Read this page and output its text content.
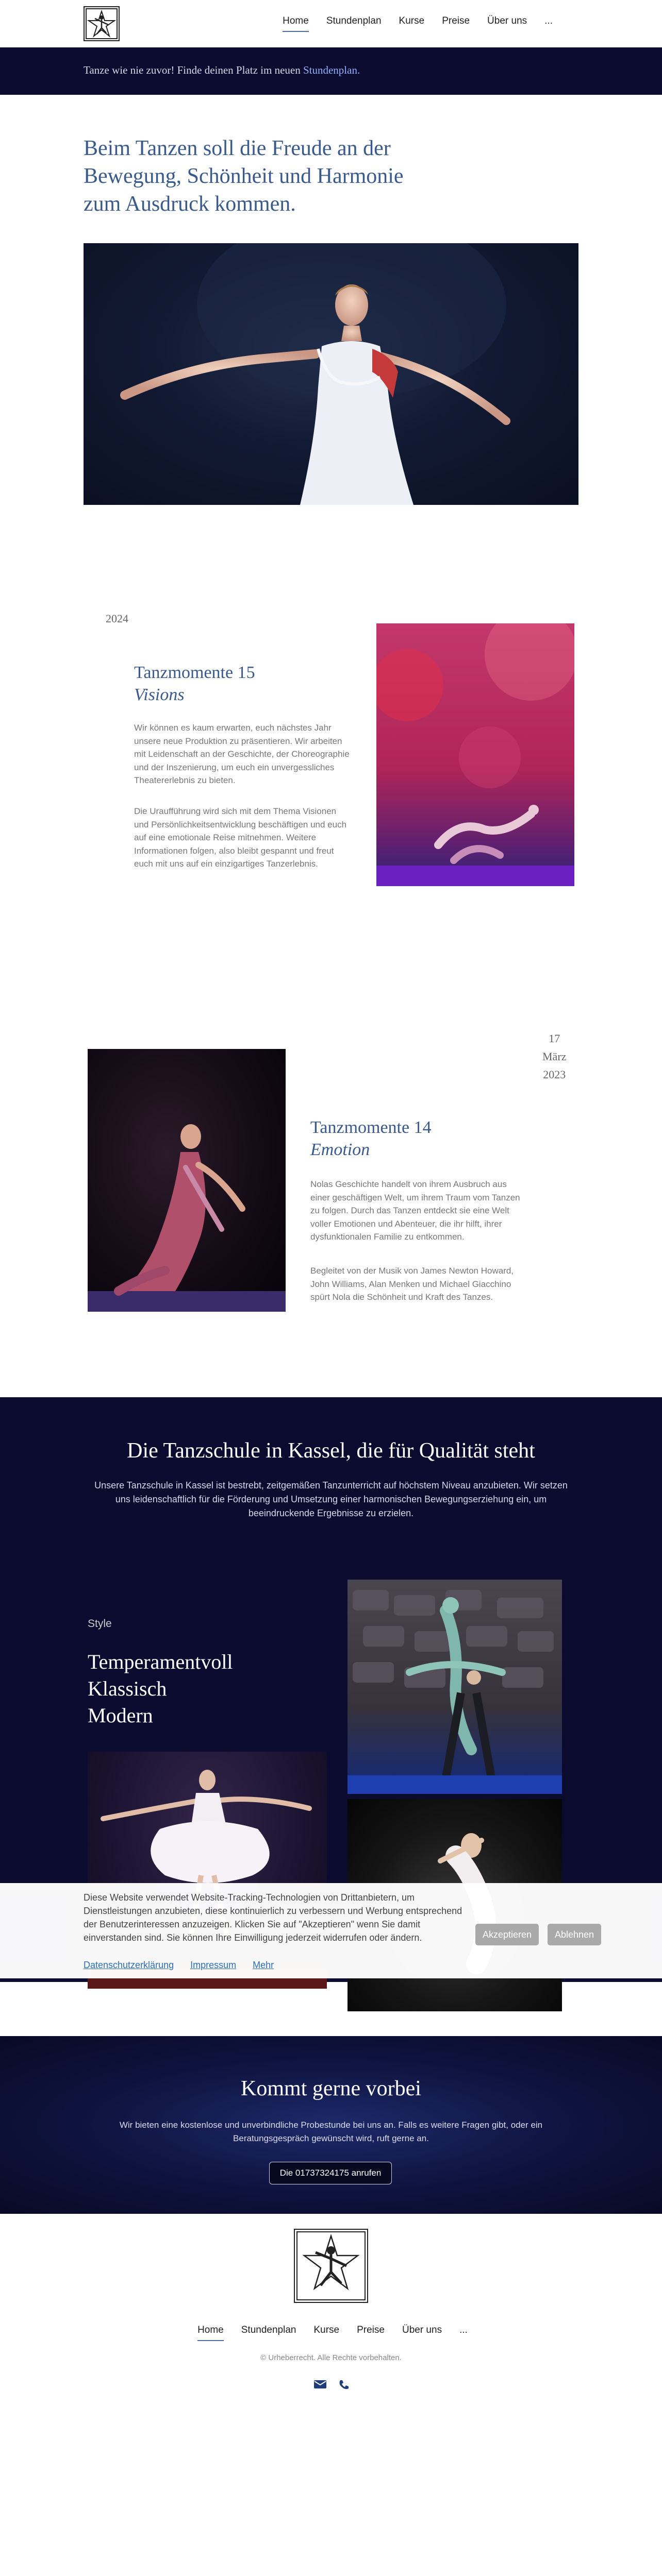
Home Stundenplan Kurse Preise Über uns ...

Tanze wie nie zuvor! Finde deinen Platz im neuen Stundenplan.

Beim Tanzen soll die Freude an der Bewegung, Schönheit und Harmonie zum Ausdruck kommen.
2024
Tanzmomente 15
Visions

Wir können es kaum erwarten, euch nächstes Jahr unsere neue Produktion zu präsentieren. Wir arbeiten mit Leidenschaft an der Geschichte, der Choreographie und der Inszenierung, um euch ein unvergessliches Theatererlebnis zu bieten.

Die Uraufführung wird sich mit dem Thema Visionen und Persönlichkeitsentwicklung beschäftigen und euch auf eine emotionale Reise mitnehmen. Weitere Informationen folgen, also bleibt gespannt und freut euch mit uns auf ein einzigartiges Tanzerlebnis.

17
März
2023
Tanzmomente 14
Emotion

Nolas Geschichte handelt von ihrem Ausbruch aus einer geschäftigen Welt, um ihrem Traum vom Tanzen zu folgen. Durch das Tanzen entdeckt sie eine Welt voller Emotionen und Abenteuer, die ihr hilft, ihrer dysfunktionalen Familie zu entkommen.

Begleitet von der Musik von James Newton Howard, John Williams, Alan Menken und Michael Giacchino spürt Nola die Schönheit und Kraft des Tanzes.

Die Tanzschule in Kassel, die für Qualität steht

Unsere Tanzschule in Kassel ist bestrebt, zeitgemäßen Tanzunterricht auf höchstem Niveau anzubieten. Wir setzen uns leidenschaftlich für die Förderung und Umsetzung einer harmonischen Bewegungserziehung ein, um beeindruckende Ergebnisse zu erzielen.

Style
Temperamentvoll
Klassisch
Modern

Diese Website verwendet Website-Tracking-Technologien von Drittanbietern, um Dienstleistungen anzubieten, diese kontinuierlich zu verbessern und Werbung entsprechend der Benutzerinteressen anzuzeigen. Klicken Sie auf "Akzeptieren" wenn Sie damit einverstanden sind. Sie können Ihre Einwilligung jederzeit widerrufen oder ändern.

Datenschutzerklärung Impressum Mehr
Akzeptieren	Ablehnen
Kommt gerne vorbei

Wir bieten eine kostenlose und unverbindliche Probestunde bei uns an. Falls es weitere Fragen gibt, oder ein Beratungsgespräch gewünscht wird, ruft gerne an.

Die 01737324175 anrufen
Home Stundenplan Kurse Preise Über uns ...
© Urheberrecht. Alle Rechte vorbehalten.
